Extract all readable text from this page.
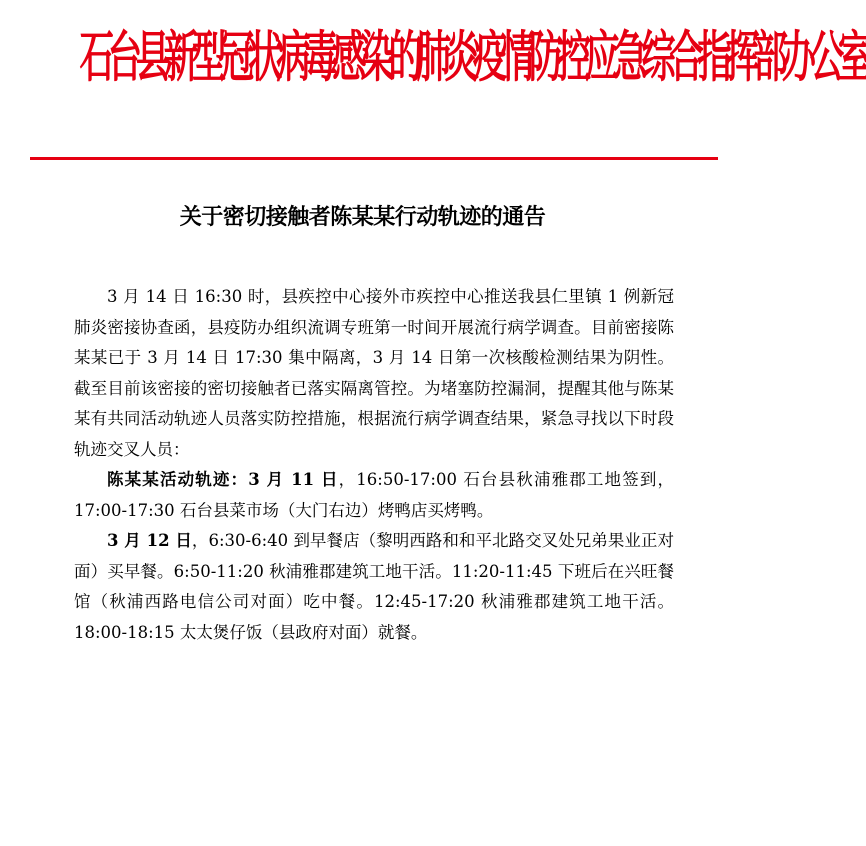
石台县新型冠状病毒感染的肺炎疫情防控应急综合指挥部办公室
关于密切接触者陈某某行动轨迹的通告

3 月 14 日 16:30 时，县疾控中心接外市疾控中心推送我县仁里镇 1 例新冠肺炎密接协查函，县疫防办组织流调专班第一时间开展流行病学调查。目前密接陈某某已于 3 月 14 日 17:30 集中隔离，3 月 14 日第一次核酸检测结果为阴性。截至目前该密接的密切接触者已落实隔离管控。为堵塞防控漏洞，提醒其他与陈某某有共同活动轨迹人员落实防控措施，根据流行病学调查结果，紧急寻找以下时段轨迹交叉人员：

陈某某活动轨迹：3 月 11 日，16:50-17:00 石台县秋浦雅郡工地签到，17:00-17:30 石台县菜市场（大门右边）烤鸭店买烤鸭。

3 月 12 日，6:30-6:40 到早餐店（黎明西路和和平北路交叉处兄弟果业正对面）买早餐。6:50-11:20 秋浦雅郡建筑工地干活。11:20-11:45 下班后在兴旺餐馆（秋浦西路电信公司对面）吃中餐。12:45-17:20 秋浦雅郡建筑工地干活。18:00-18:15 太太煲仔饭（县政府对面）就餐。
